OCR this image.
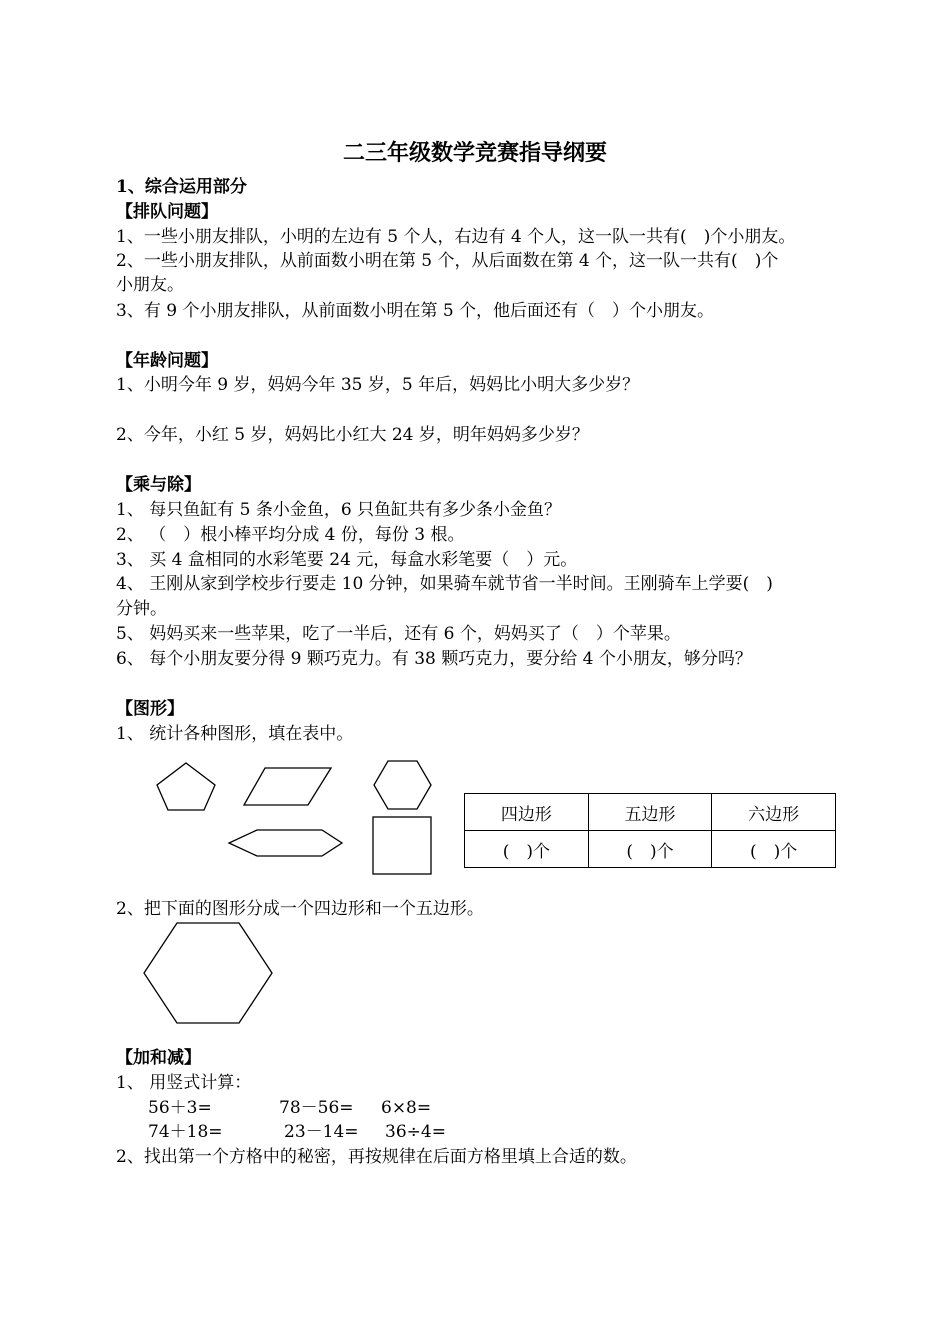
二三年级数学竞赛指导纲要
1、综合运用部分
【排队问题】
1、一些小朋友排队，小明的左边有 5 个人，右边有 4 个人，这一队一共有(　)个小朋友。
2、一些小朋友排队，从前面数小明在第 5 个，从后面数在第 4 个，这一队一共有(　)个
小朋友。
3、有 9 个小朋友排队，从前面数小明在第 5 个，他后面还有（　）个小朋友。
【年龄问题】
1、小明今年 9 岁，妈妈今年 35 岁，5 年后，妈妈比小明大多少岁？
2、今年，小红 5 岁，妈妈比小红大 24 岁，明年妈妈多少岁？
【乘与除】
1、 每只鱼缸有 5 条小金鱼，6 只鱼缸共有多少条小金鱼？
2、 （　）根小棒平均分成 4 份，每份 3 根。
3、 买 4 盒相同的水彩笔要 24 元，每盒水彩笔要（　）元。
4、 王刚从家到学校步行要走 10 分钟，如果骑车就节省一半时间。王刚骑车上学要(　)
分钟。
5、 妈妈买来一些苹果，吃了一半后，还有 6 个，妈妈买了（　）个苹果。
6、 每个小朋友要分得 9 颗巧克力。有 38 颗巧克力，要分给 4 个小朋友，够分吗？
【图形】
1、 统计各种图形，填在表中。
四边形	五边形	六边形
(　)个	(　)个	(　)个
2、把下面的图形分成一个四边形和一个五边形。
【加和减】
1、 用竖式计算：
56＋3=	78－56= 6×8=
74＋18=	23－14= 36÷4=
2、找出第一个方格中的秘密，再按规律在后面方格里填上合适的数。
